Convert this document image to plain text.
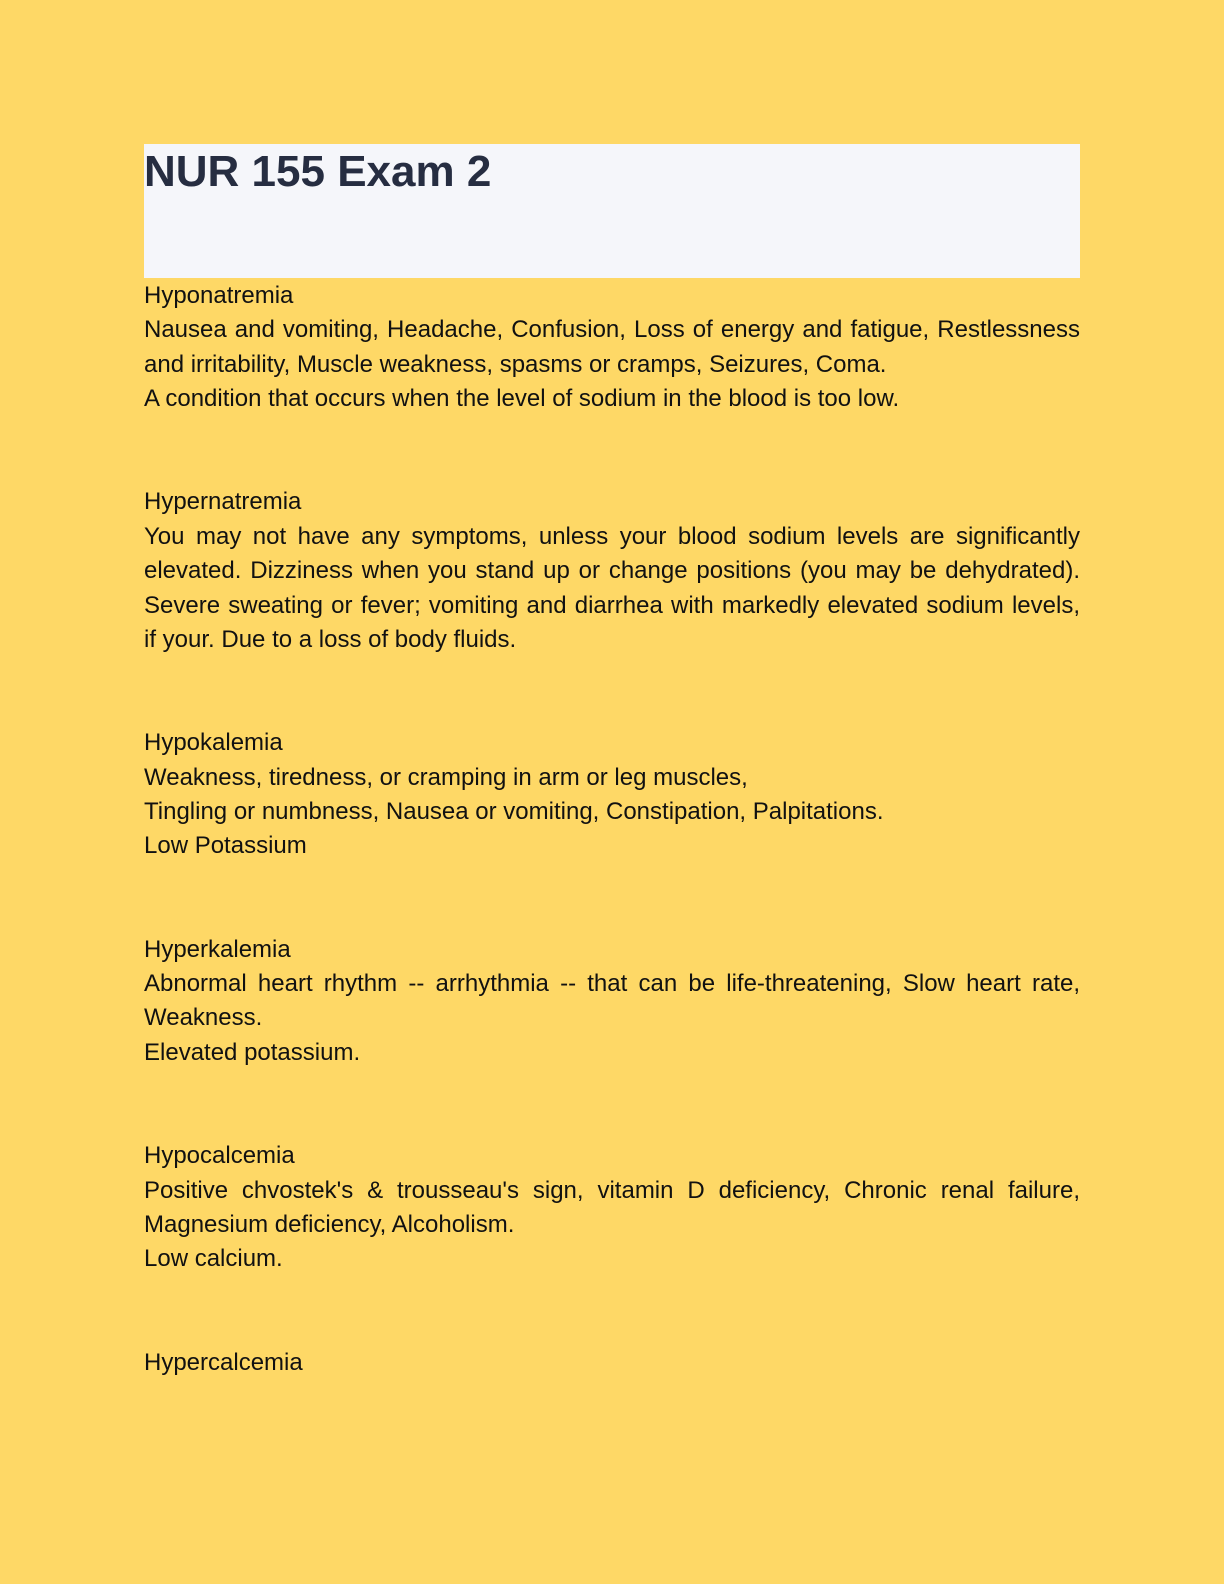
NUR 155 Exam 2

Hyponatremia

Nausea and vomiting, Headache, Confusion, Loss of energy and fatigue, Restlessness and irritability, Muscle weakness, spasms or cramps, Seizures, Coma.

A condition that occurs when the level of sodium in the blood is too low.

Hypernatremia

You may not have any symptoms, unless your blood sodium levels are significantly elevated. Dizziness when you stand up or change positions (you may be dehydrated). Severe sweating or fever; vomiting and diarrhea with markedly elevated sodium levels, if your. Due to a loss of body fluids.

Hypokalemia

Weakness, tiredness, or cramping in arm or leg muscles,

Tingling or numbness, Nausea or vomiting, Constipation, Palpitations.

Low Potassium

Hyperkalemia

Abnormal heart rhythm -- arrhythmia -- that can be life-threatening, Slow heart rate, Weakness.

Elevated potassium.

Hypocalcemia

Positive chvostek's & trousseau's sign, vitamin D deficiency, Chronic renal failure, Magnesium deficiency, Alcoholism.

Low calcium.

Hypercalcemia
